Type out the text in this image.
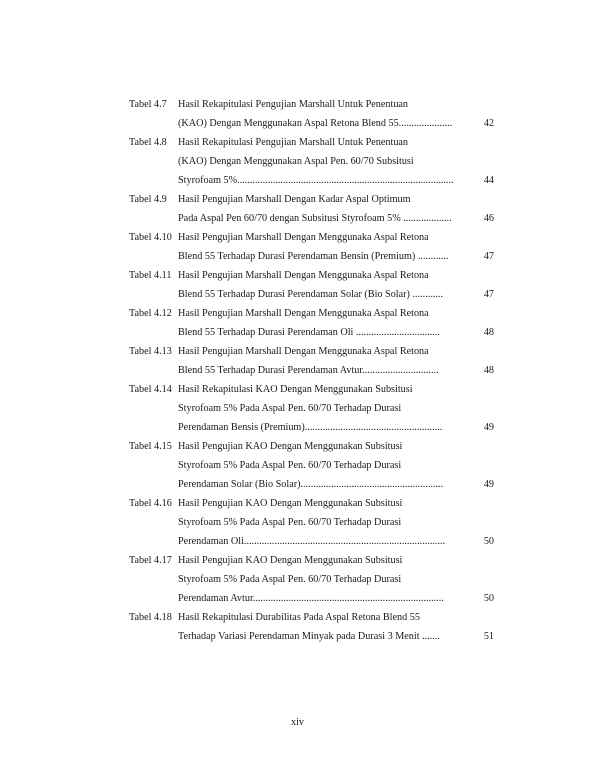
Tabel 4.7 Hasil Rekapitulasi Pengujian Marshall Untuk Penentuan
(KAO) Dengan Menggunakan Aspal Retona Blend 55.....................	42
Tabel 4.8 Hasil Rekapitulasi Pengujian Marshall Untuk Penentuan
(KAO) Dengan Menggunakan Aspal Pen. 60/70 Subsitusi
Styrofoam 5%.....................................................................................	44
Tabel 4.9 Hasil Pengujian Marshall Dengan Kadar Aspal Optimum
Pada Aspal Pen 60/70 dengan Subsitusi Styrofoam 5% ...................	46
Tabel 4.10 Hasil Pengujian Marshall Dengan Menggunaka Aspal Retona
Blend 55 Terhadap Durasi Perendaman Bensin (Premium) ............	47
Tabel 4.11 Hasil Pengujian Marshall Dengan Menggunaka Aspal Retona
Blend 55 Terhadap Durasi Perendaman Solar (Bio Solar) ............	47
Tabel 4.12 Hasil Pengujian Marshall Dengan Menggunaka Aspal Retona
Blend 55 Terhadap Durasi Perendaman Oli .................................	48
Tabel 4.13 Hasil Pengujian Marshall Dengan Menggunaka Aspal Retona
Blend 55 Terhadap Durasi Perendaman Avtur..............................	48
Tabel 4.14 Hasil Rekapitulasi KAO Dengan Menggunakan Subsitusi
Styrofoam 5% Pada Aspal Pen. 60/70 Terhadap Durasi
Perendaman Bensis (Premium)......................................................	49
Tabel 4.15 Hasil Pengujian KAO Dengan Menggunakan Subsitusi
Styrofoam 5% Pada Aspal Pen. 60/70 Terhadap Durasi
Perendaman Solar (Bio Solar)........................................................	49
Tabel 4.16 Hasil Pengujian KAO Dengan Menggunakan Subsitusi
Styrofoam 5% Pada Aspal Pen. 60/70 Terhadap Durasi
Perendaman Oli...............................................................................	50
Tabel 4.17 Hasil Pengujian KAO Dengan Menggunakan Subsitusi
Styrofoam 5% Pada Aspal Pen. 60/70 Terhadap Durasi
Perendaman Avtur...........................................................................	50
Tabel 4.18 Hasil Rekapitulasi Durabilitas Pada Aspal Retona Blend 55
Terhadap Variasi Perendaman Minyak pada Durasi 3 Menit .......	51
xiv
